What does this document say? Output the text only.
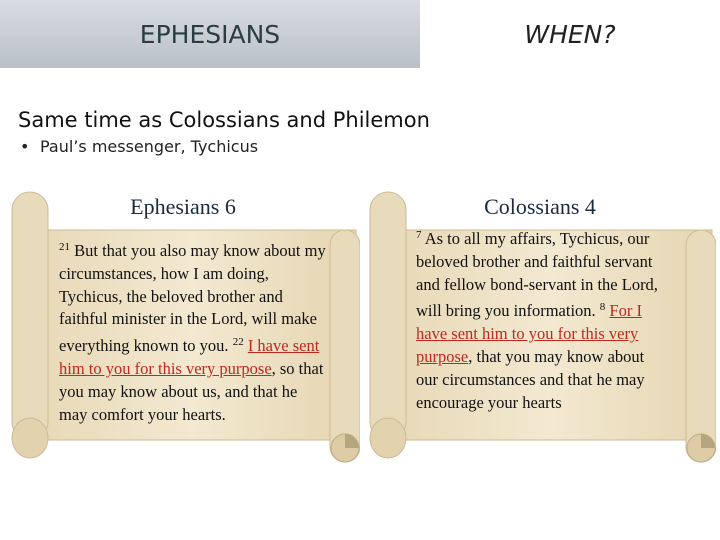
EPHESIANS	WHEN?
Same time as Colossians and Philemon
• Paul’s messenger, Tychicus
Ephesians 6
$^{21}$ But that you also may know about my circumstances, how I am doing, Tychicus, the beloved brother and faithful minister in the Lord, will make everything known to you. $^{22}$ I have sent him to you for this very purpose, so that you may know about us, and that he may comfort your hearts.
Colossians 4
$^7$ As to all my affairs, Tychicus, our beloved brother and faithful servant and fellow bond-servant in the Lord, will bring you information. $^8$ For I have sent him to you for this very purpose, that you may know about our circumstances and that he may encourage your hearts
